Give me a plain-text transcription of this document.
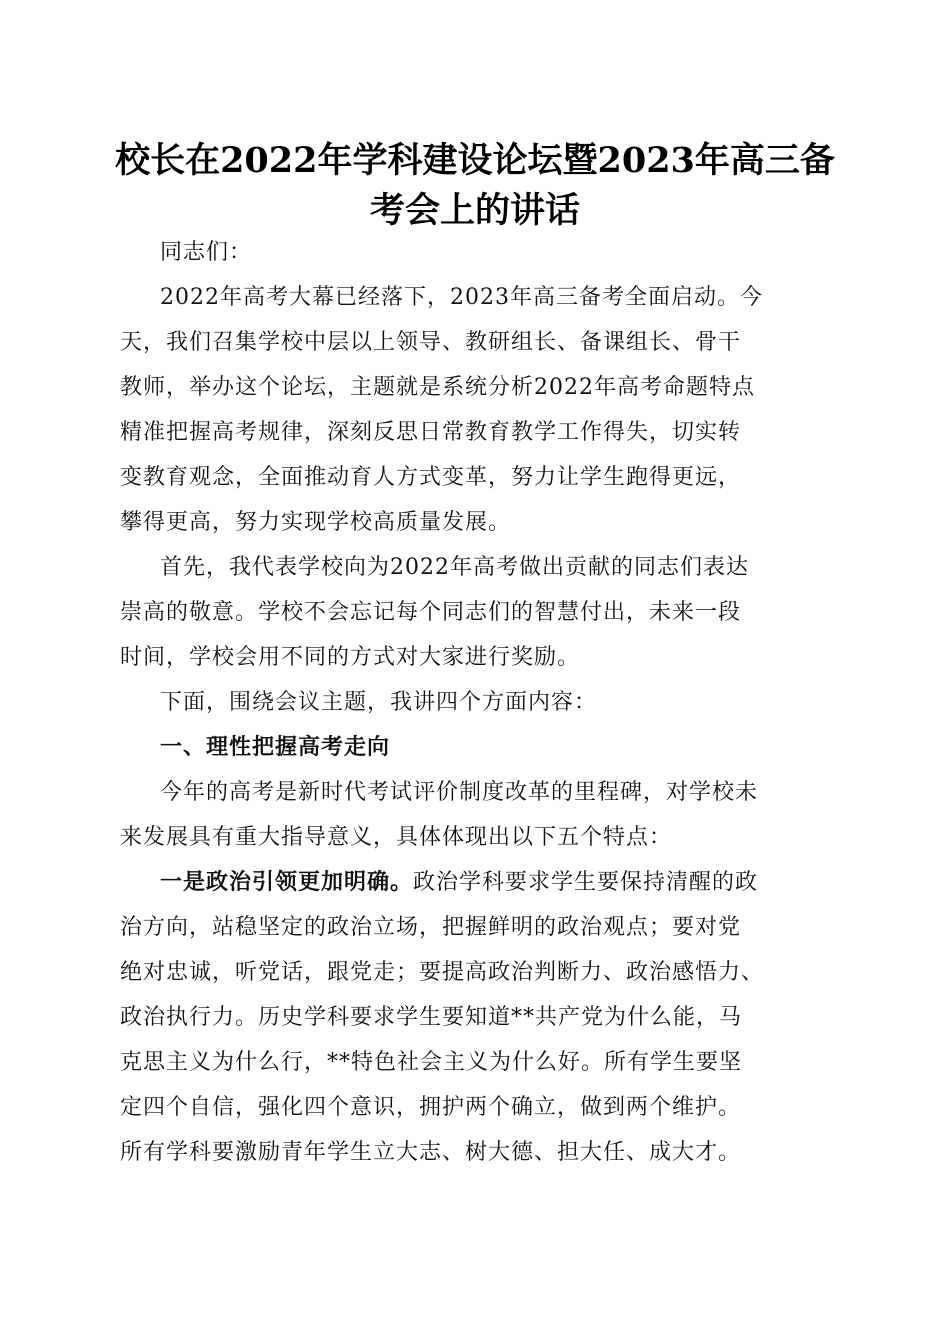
校长在2022年学科建设论坛暨2023年高三备
考会上的讲话
同志们：
2022年高考大幕已经落下，2023年高三备考全面启动。今
天，我们召集学校中层以上领导、教研组长、备课组长、骨干
教师，举办这个论坛，主题就是系统分析2022年高考命题特点
精准把握高考规律，深刻反思日常教育教学工作得失，切实转
变教育观念，全面推动育人方式变革，努力让学生跑得更远，
攀得更高，努力实现学校高质量发展。
首先，我代表学校向为2022年高考做出贡献的同志们表达
崇高的敬意。学校不会忘记每个同志们的智慧付出，未来一段
时间，学校会用不同的方式对大家进行奖励。
下面，围绕会议主题，我讲四个方面内容：
一、理性把握高考走向
今年的高考是新时代考试评价制度改革的里程碑，对学校未
来发展具有重大指导意义，具体体现出以下五个特点：
一是政治引领更加明确。政治学科要求学生要保持清醒的政
治方向，站稳坚定的政治立场，把握鲜明的政治观点；要对党
绝对忠诚，听党话，跟党走；要提高政治判断力、政治感悟力、
政治执行力。历史学科要求学生要知道**共产党为什么能，马
克思主义为什么行，**特色社会主义为什么好。所有学生要坚
定四个自信，强化四个意识，拥护两个确立，做到两个维护。
所有学科要激励青年学生立大志、树大德、担大任、成大才。
